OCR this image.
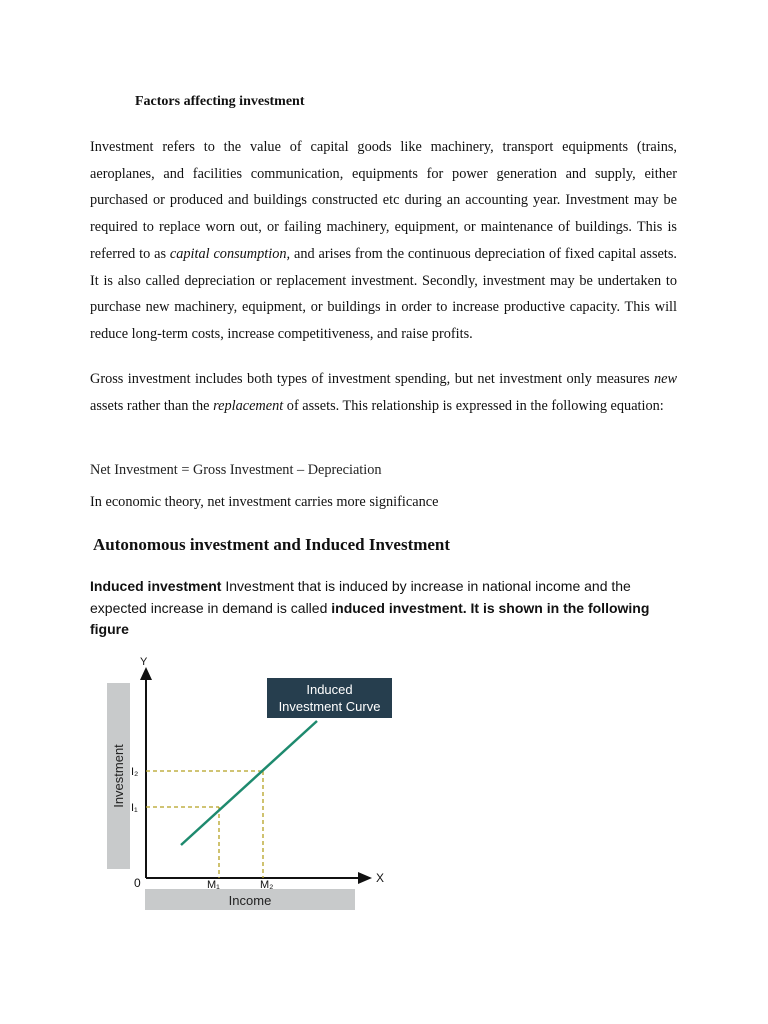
Factors affecting investment

Investment refers to the value of capital goods like machinery, transport equipments (trains, aeroplanes, and facilities communication, equipments for power generation and supply, either purchased or produced and buildings constructed etc during an accounting year. Investment may be required to replace worn out, or failing machinery, equipment, or maintenance of buildings. This is referred to as capital consumption, and arises from the continuous depreciation of fixed capital assets. It is also called depreciation or replacement investment. Secondly, investment may be undertaken to purchase new machinery, equipment, or buildings in order to increase productive capacity. This will reduce long-term costs, increase competitiveness, and raise profits.

Gross investment includes both types of investment spending, but net investment only measures new assets rather than the replacement of assets. This relationship is expressed in the following equation:

Net Investment = Gross Investment – Depreciation

In economic theory, net investment carries more significance

Autonomous investment and Induced Investment

Induced investment Investment that is induced by increase in national income and the expected increase in demand is called induced investment. It is shown in the following figure

Induced
Investment Curve
Y
X
0
I₂
I₁
M₁	M₂
Investment
Income
